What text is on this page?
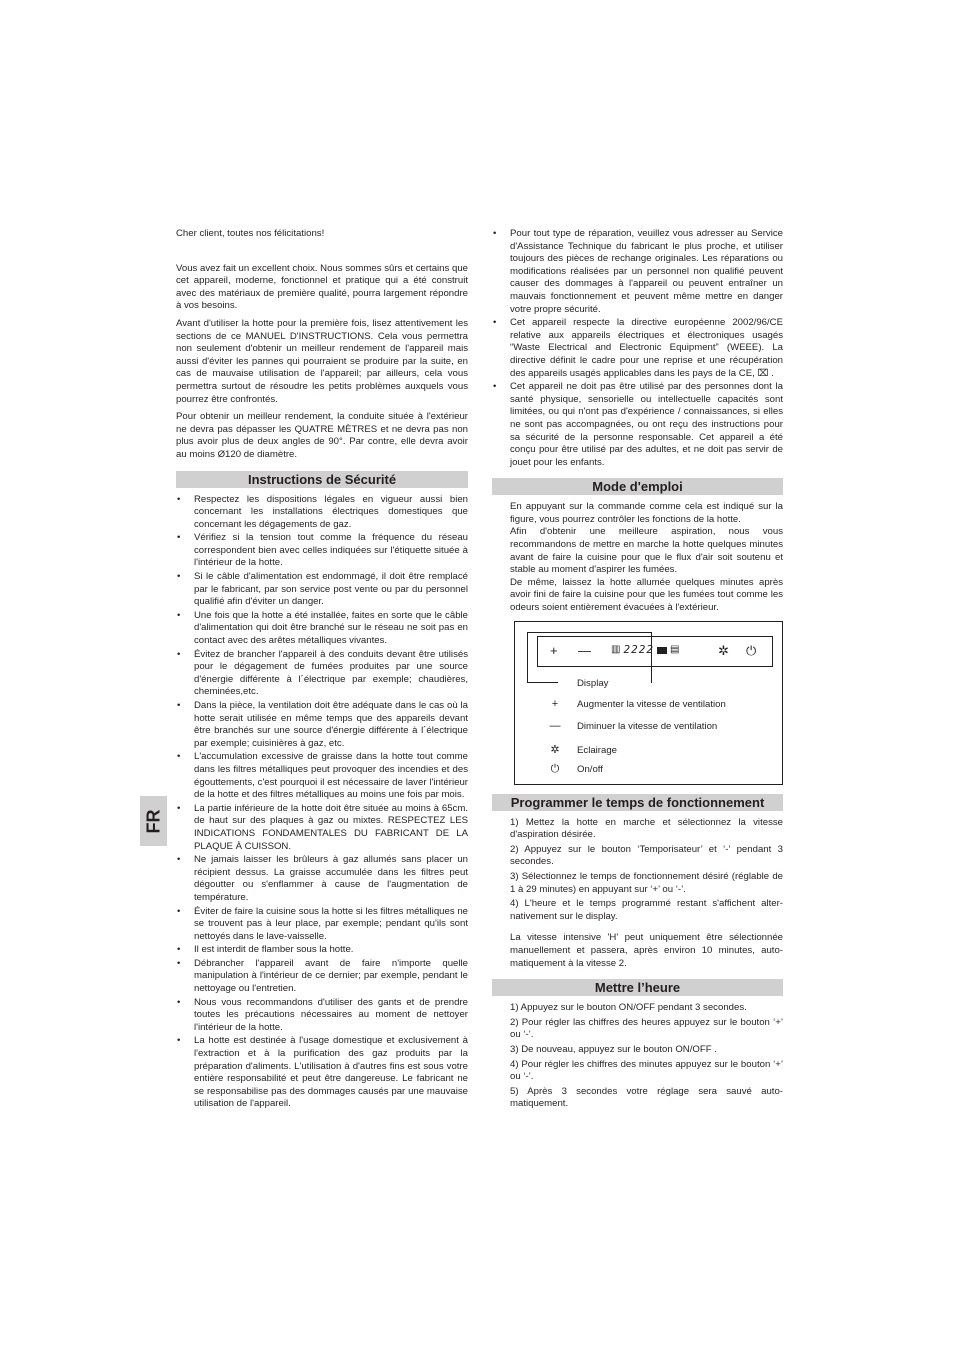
FR

Cher client, toutes nos félicitations!

Vous avez fait un excellent choix. Nous sommes sûrs et certains que cet appareil, moderne, fonctionnel et pratique qui a été construit avec des matériaux de première qualité, pourra largement répondre à vos besoins.

Avant d'utiliser la hotte pour la première fois, lisez attentivement les sections de ce MANUEL D'INSTRUCTIONS. Cela vous permettra non seulement d'obtenir un meilleur rendement de l'appareil mais aussi d'éviter les pannes qui pourraient se produire par la suite, en cas de mauvaise utilisation de l'appareil; par ailleurs, cela vous permettra surtout de résoudre les petits problèmes auxquels vous pourrez être confrontés.

Pour obtenir un meilleur rendement, la conduite située à l'extérieur ne devra pas dépasser les QUATRE MÈTRES et ne devra pas non plus avoir plus de deux angles de 90°. Par contre, elle devra avoir au moins Ø120 de diamètre.

Instructions de Sécurité
• Respectez les dispositions légales en vigueur aussi bien concernant les installations électriques domestiques que concernant les dégagements de gaz.
• Vérifiez si la tension tout comme la fréquence du réseau correspondent bien avec celles indiquées sur l'étiquette située à l'intérieur de la hotte.
• Si le câble d'alimentation est endommagé, il doit être remplacé par le fabricant, par son service post vente ou par du personnel qualifié afin d'éviter un danger.
• Une fois que la hotte a été installée, faites en sorte que le câble d'alimentation qui doit être branché sur le réseau ne soit pas en contact avec des arêtes métalliques vivantes.
• Évitez de brancher l'appareil à des conduits devant être utilisés pour le dégagement de fumées produites par une source d'énergie différente à l´électrique par exemple; chaudières, cheminées,etc.
• Dans la pièce, la ventilation doit être adéquate dans le cas où la hotte serait utilisée en même temps que des appareils devant être branchés sur une source d'énergie différente à l´électrique par exemple; cuisinières à gaz, etc.
• L'accumulation excessive de graisse dans la hotte tout comme dans les filtres métalliques peut provoquer des incendies et des égouttements, c'est pourquoi il est nécessaire de laver l'intérieur de la hotte et des filtres métalliques au moins une fois par mois.
• La partie inférieure de la hotte doit être située au moins à 65cm. de haut sur des plaques à gaz ou mixtes. RESPECTEZ LES INDICATIONS FONDAMENTALES DU FABRICANT DE LA PLAQUE À CUISSON.
• Ne jamais laisser les brûleurs à gaz allumés sans placer un récipient dessus. La graisse accumulée dans les filtres peut dégoutter ou s'enflammer à cause de l'augmentation de température.
• Éviter de faire la cuisine sous la hotte si les filtres métalliques ne se trouvent pas à leur place, par exemple; pendant qu'ils sont nettoyés dans le lave-vaisselle.
• Il est interdit de flamber sous la hotte.
• Débrancher l'appareil avant de faire n'importe quelle manipulation à l'intérieur de ce dernier; par exemple, pendant le nettoyage ou l'entretien.
• Nous vous recommandons d'utiliser des gants et de prendre toutes les précautions nécessaires au moment de nettoyer l'intérieur de la hotte.
• La hotte est destinée à l'usage domestique et exclusivement à l'extraction et à la purification des gaz produits par la préparation d'aliments. L'utilisation à d'autres fins est sous votre entière responsabilité et peut être dangereuse. Le fabricant ne se responsabilise pas des dommages causés par une mauvaise utilisation de l'appareil.
• Pour tout type de réparation, veuillez vous adresser au Service d'Assistance Technique du fabricant le plus proche, et utiliser toujours des pièces de rechange originales. Les réparations ou modifications réalisées par un personnel non qualifié peuvent causer des dommages à l'appareil ou peuvent entraîner un mauvais fonctionnement et peuvent même mettre en danger votre propre sécurité.
• Cet appareil respecte la directive européenne 2002/96/CE relative aux appareils électriques et électroniques usagés “Waste Electrical and Electronic Equipment” (WEEE). La directive définit le cadre pour une reprise et une récupération des appareils usagés applicables dans les pays de la CE, ⌧ .
• Cet appareil ne doit pas être utilisé par des personnes dont la santé physique, sensorielle ou intellectuelle capacités sont limitées, ou qui n'ont pas d'expérience / connaissances, si elles ne sont pas accompagnées, ou ont reçu des instructions pour sa sécurité de la personne responsable. Cet appareil a été conçu pour être utilisé par des adultes, et ne doit pas servir de jouet pour les enfants.
Mode d'emploi

En appuyant sur la commande comme cela est indiqué sur la figure, vous pourrez contrôler les fonctions de la hotte.

Afin d'obtenir une meilleure aspiration, nous vous recommandons de mettre en marche la hotte quelques minutes avant de faire la cuisine pour que le flux d'air soit soutenu et stable au moment d'aspirer les fumées.

De même, laissez la hotte allumée quelques minutes après avoir fini de faire la cuisine pour que les fumées tout comme les odeurs soient entièrement évacuées à l'extérieur.

+ — ▥ 2222 ▤	✲ ⏻
Display
+	Augmenter la vitesse de ventilation
— Diminuer la vitesse de ventilation
✲	Eclairage
⏻	On/off
Programmer le temps de fonctionnement

1) Mettez la hotte en marche et sélectionnez la vitesse d'aspiration désirée.

2) Appuyez sur le bouton ‘Temporisateur’ et ‘-’ pendant 3 secondes.

3) Sélectionnez le temps de fonctionnement désiré (réglable de 1 à 29 minutes) en appuyant sur ‘+’ ou ‘-’.

4) L'heure et le temps programmé restant s'affichent alter-nativement sur le display.

La vitesse intensive 'H' peut uniquement être sélectionnée manuellement et passera, après environ 10 minutes, auto-matiquement à la vitesse 2.

Mettre l’heure

1) Appuyez sur le bouton ON/OFF pendant 3 secondes.

2) Pour régler las chiffres des heures appuyez sur le bouton ‘+’ ou ‘-’.

3) De nouveau, appuyez sur le bouton ON/OFF .

4) Pour régler les chiffres des minutes appuyez sur le bouton ‘+’ ou ‘-’.

5) Après 3 secondes votre réglage sera sauvé auto-matiquement.
